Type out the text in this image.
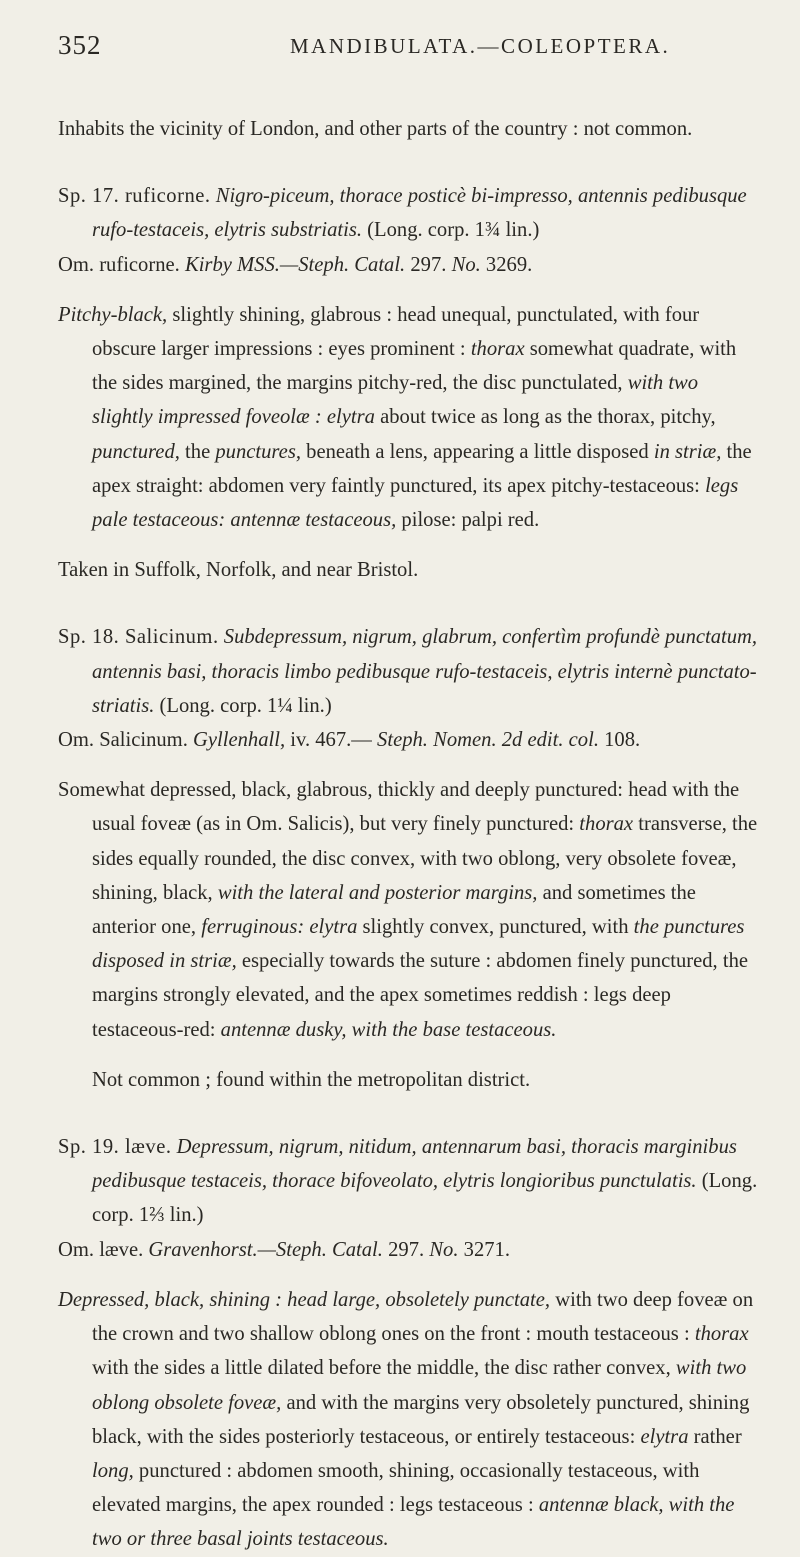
352	MANDIBULATA.—COLEOPTERA.

Inhabits the vicinity of London, and other parts of the country : not common.

Sp. 17. ruficorne. Nigro-piceum, thorace posticè bi-impresso, antennis pedibusque rufo-testaceis, elytris substriatis. (Long. corp. 1¾ lin.)

Om. ruficorne. Kirby MSS.—Steph. Catal. 297. No. 3269.

Pitchy-black, slightly shining, glabrous : head unequal, punctulated, with four obscure larger impressions : eyes prominent : thorax somewhat quadrate, with the sides margined, the margins pitchy-red, the disc punctulated, with two slightly impressed foveolæ : elytra about twice as long as the thorax, pitchy, punctured, the punctures, beneath a lens, appearing a little disposed in striæ, the apex straight: abdomen very faintly punctured, its apex pitchy-testaceous: legs pale testaceous: antennæ testaceous, pilose: palpi red.

Taken in Suffolk, Norfolk, and near Bristol.

Sp. 18. Salicinum. Subdepressum, nigrum, glabrum, confertìm profundè punctatum, antennis basi, thoracis limbo pedibusque rufo-testaceis, elytris internè punctato-striatis. (Long. corp. 1¼ lin.)

Om. Salicinum. Gyllenhall, iv. 467.— Steph. Nomen. 2d edit. col. 108.

Somewhat depressed, black, glabrous, thickly and deeply punctured: head with the usual foveæ (as in Om. Salicis), but very finely punctured: thorax transverse, the sides equally rounded, the disc convex, with two oblong, very obsolete foveæ, shining, black, with the lateral and posterior margins, and sometimes the anterior one, ferruginous: elytra slightly convex, punctured, with the punctures disposed in striæ, especially towards the suture : abdomen finely punctured, the margins strongly elevated, and the apex sometimes reddish : legs deep testaceous-red: antennæ dusky, with the base testaceous.

Not common ; found within the metropolitan district.

Sp. 19. læve. Depressum, nigrum, nitidum, antennarum basi, thoracis marginibus pedibusque testaceis, thorace bifoveolato, elytris longioribus punctulatis. (Long. corp. 1⅔ lin.)

Om. læve. Gravenhorst.—Steph. Catal. 297. No. 3271.

Depressed, black, shining : head large, obsoletely punctate, with two deep foveæ on the crown and two shallow oblong ones on the front : mouth testaceous : thorax with the sides a little dilated before the middle, the disc rather convex, with two oblong obsolete foveæ, and with the margins very obsoletely punctured, shining black, with the sides posteriorly testaceous, or entirely testaceous: elytra rather long, punctured : abdomen smooth, shining, occasionally testaceous, with elevated margins, the apex rounded : legs testaceous : antennæ black, with the two or three basal joints testaceous.
